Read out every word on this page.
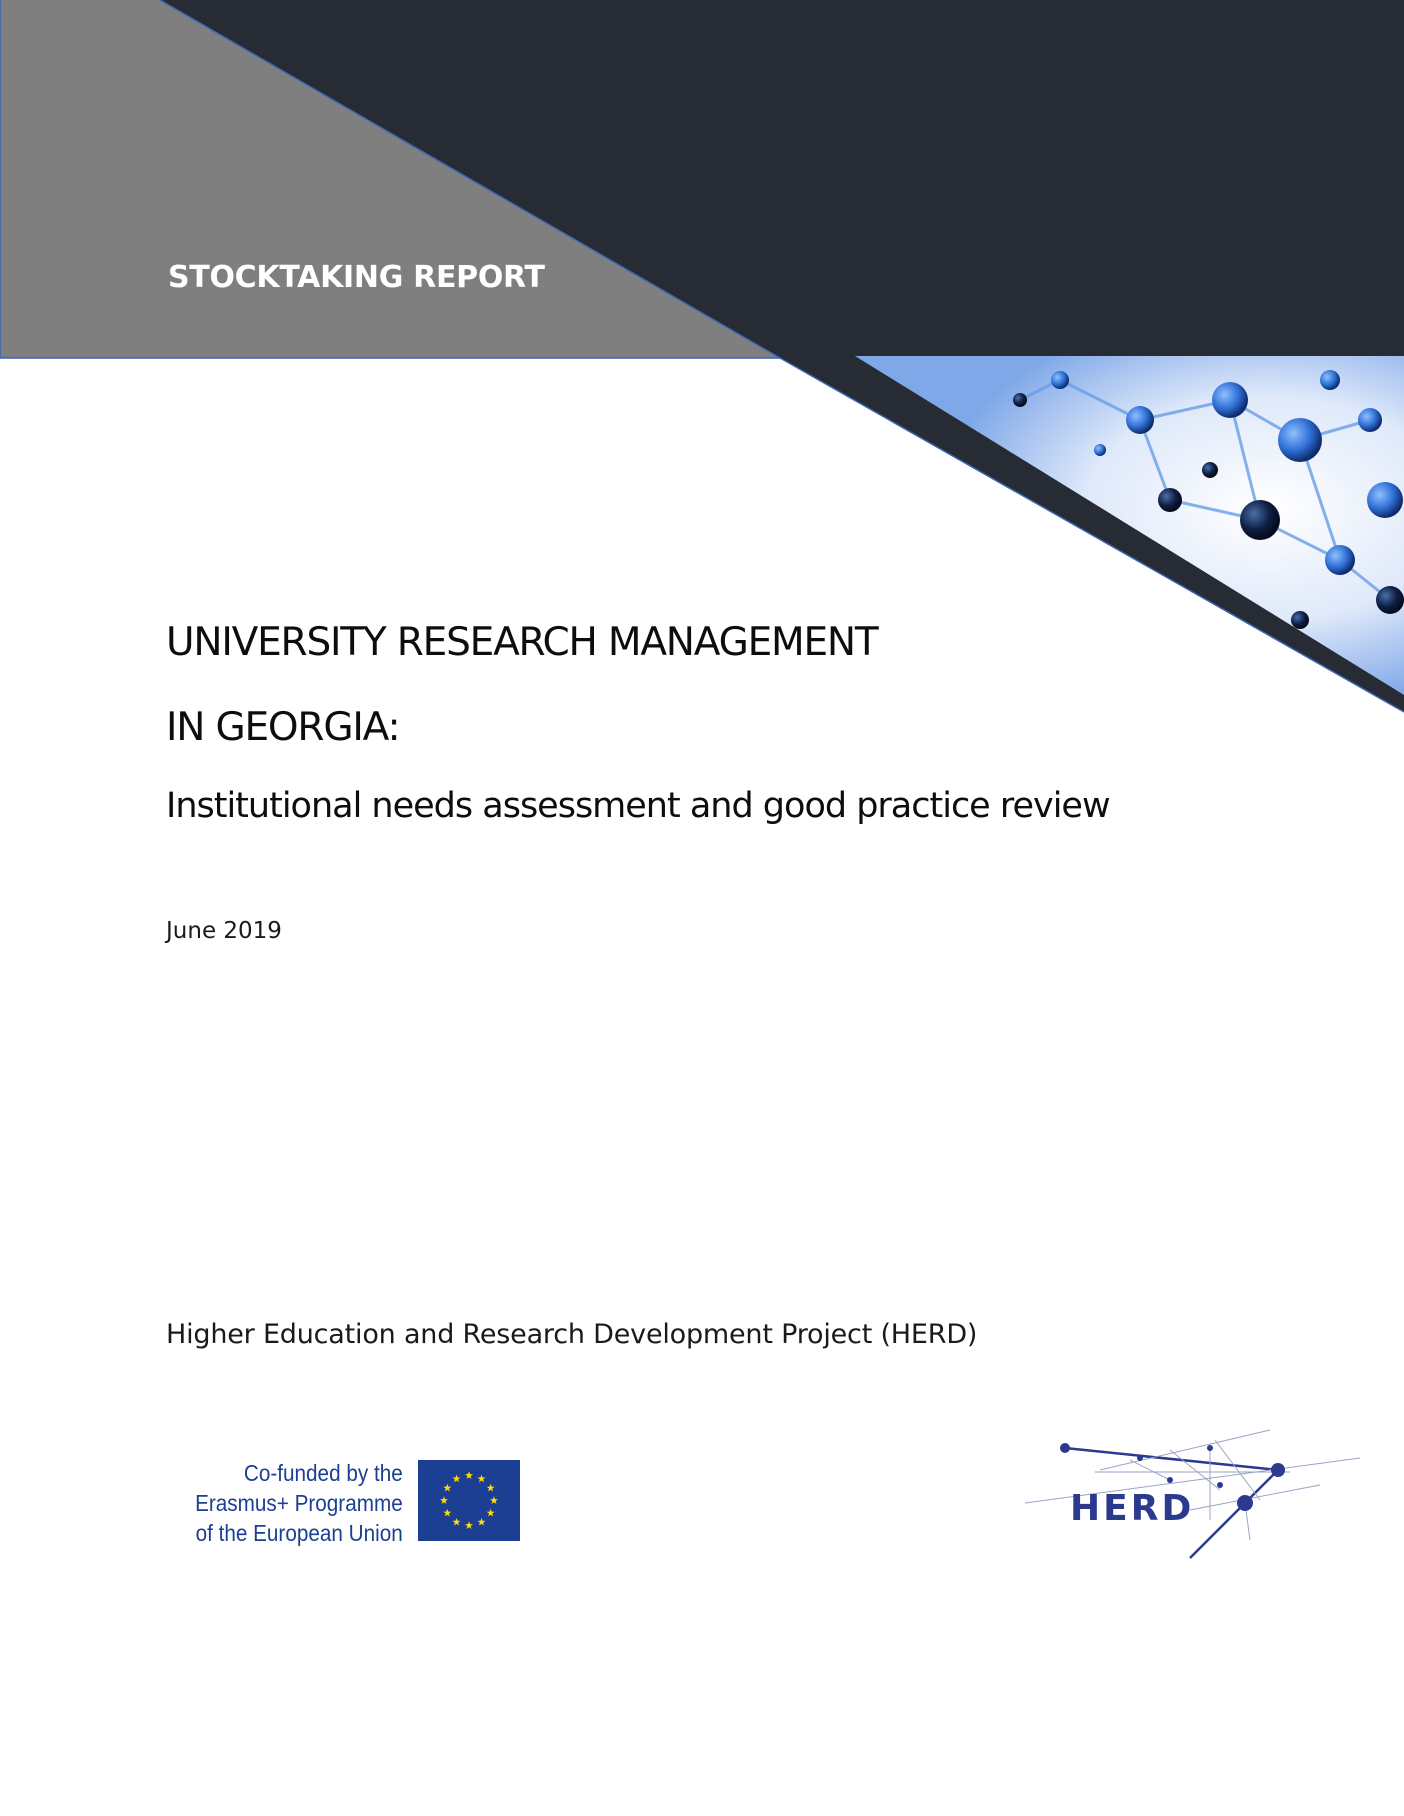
STOCKTAKING REPORT
UNIVERSITY RESEARCH MANAGEMENT
IN GEORGIA:
Institutional needs assessment and good practice review
June 2019
Higher Education and Research Development Project (HERD)
Co-funded by the
Erasmus+ Programme
of the European Union
HERD
